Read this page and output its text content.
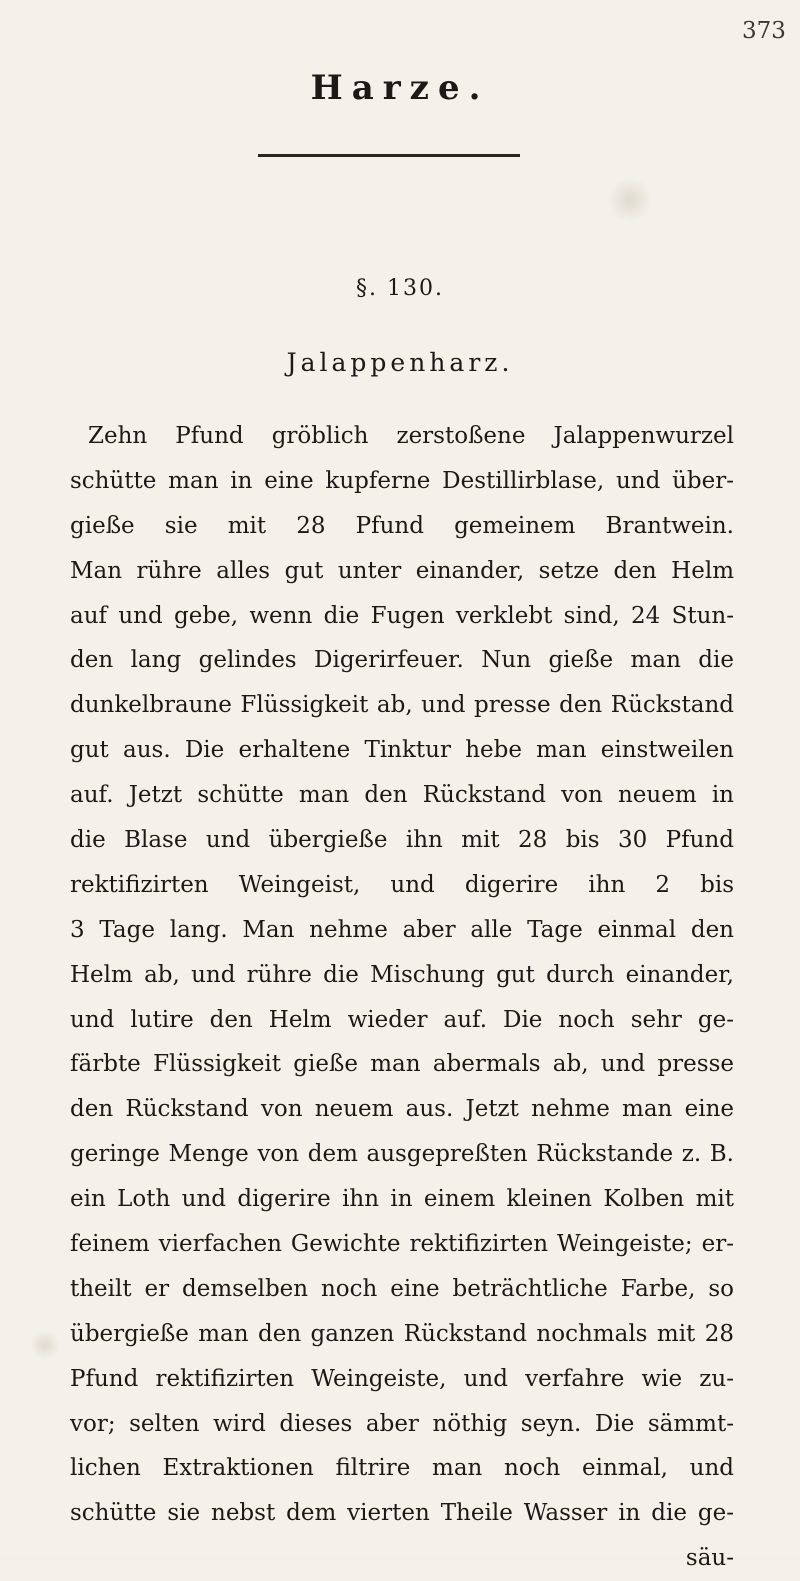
373
Harze.
§. 130.
Jalappenharz.
Zehn Pfund gröblich zerstoßene Jalappenwurzel
schütte man in eine kupferne Destillirblase, und über-
gieße sie mit 28 Pfund gemeinem Brantwein.
Man rühre alles gut unter einander, setze den Helm
auf und gebe, wenn die Fugen verklebt sind, 24 Stun-
den lang gelindes Digerirfeuer. Nun gieße man die
dunkelbraune Flüssigkeit ab, und presse den Rückstand
gut aus. Die erhaltene Tinktur hebe man einstweilen
auf. Jetzt schütte man den Rückstand von neuem in
die Blase und übergieße ihn mit 28 bis 30 Pfund
rektifizirten Weingeist, und digerire ihn 2 bis
3 Tage lang. Man nehme aber alle Tage einmal den
Helm ab, und rühre die Mischung gut durch einander,
und lutire den Helm wieder auf. Die noch sehr ge-
färbte Flüssigkeit gieße man abermals ab, und presse
den Rückstand von neuem aus. Jetzt nehme man eine
geringe Menge von dem ausgepreßten Rückstande z. B.
ein Loth und digerire ihn in einem kleinen Kolben mit
feinem vierfachen Gewichte rektifizirten Weingeiste; er-
theilt er demselben noch eine beträchtliche Farbe, so
übergieße man den ganzen Rückstand nochmals mit 28
Pfund rektifizirten Weingeiste, und verfahre wie zu-
vor; selten wird dieses aber nöthig seyn. Die sämmt-
lichen Extraktionen filtrire man noch einmal, und
schütte sie nebst dem vierten Theile Wasser in die ge-
säu-
